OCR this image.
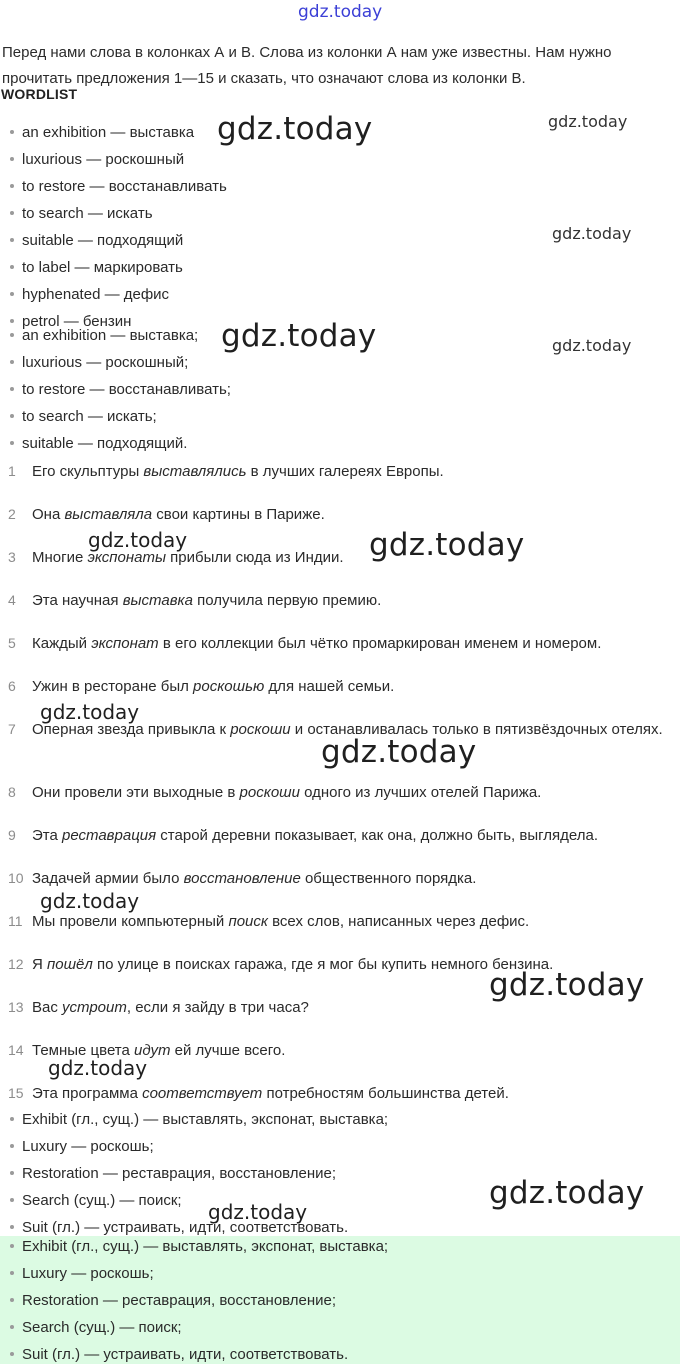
gdz.today
Перед нами слова в колонках А и В. Слова из колонки А нам уже известны. Нам нужно прочитать предложения 1—15 и сказать, что означают слова из колонки В.
WORDLIST
an exhibition — выставка
luxurious — роскошный
to restore — восстанавливать
to search — искать
suitable — подходящий
to label — маркировать
hyphenated — дефис
petrol — бензин
an exhibition — выставка;
luxurious — роскошный;
to restore — восстанавливать;
to search — искать;
suitable — подходящий.
1	Его скульптуры выставлялись в лучших галереях Европы.
2	Она выставляла свои картины в Париже.
3	Многие экспонаты прибыли сюда из Индии.
4	Эта научная выставка получила первую премию.
5	Каждый экспонат в его коллекции был чётко промаркирован именем и номером.
6	Ужин в ресторане был роскошью для нашей семьи.
7	Оперная звезда привыкла к роскоши и останавливалась только в пятизвёздочных отелях.
8	Они провели эти выходные в роскоши одного из лучших отелей Парижа.
9	Эта реставрация старой деревни показывает, как она, должно быть, выглядела.
10 Задачей армии было восстановление общественного порядка.
11 Мы провели компьютерный поиск всех слов, написанных через дефис.
12 Я пошёл по улице в поисках гаража, где я мог бы купить немного бензина.
13 Вас устроит, если я зайду в три часа?
14 Темные цвета идут ей лучше всего.
15 Эта программа соответствует потребностям большинства детей.
Exhibit (гл., сущ.) — выставлять, экспонат, выставка;
Luxury — роскошь;
Restoration — реставрация, восстановление;
Search (сущ.) — поиск;
Suit (гл.) — устраивать, идти, соответствовать.
Exhibit (гл., сущ.) — выставлять, экспонат, выставка;
Luxury — роскошь;
Restoration — реставрация, восстановление;
Search (сущ.) — поиск;
Suit (гл.) — устраивать, идти, соответствовать.
gdz.today	gdz.today
gdz.today
gdz.today	gdz.today
gdz.today	gdz.today
gdz.today
gdz.today
gdz.today
gdz.today
gdz.today
gdz.today
gdz.today
